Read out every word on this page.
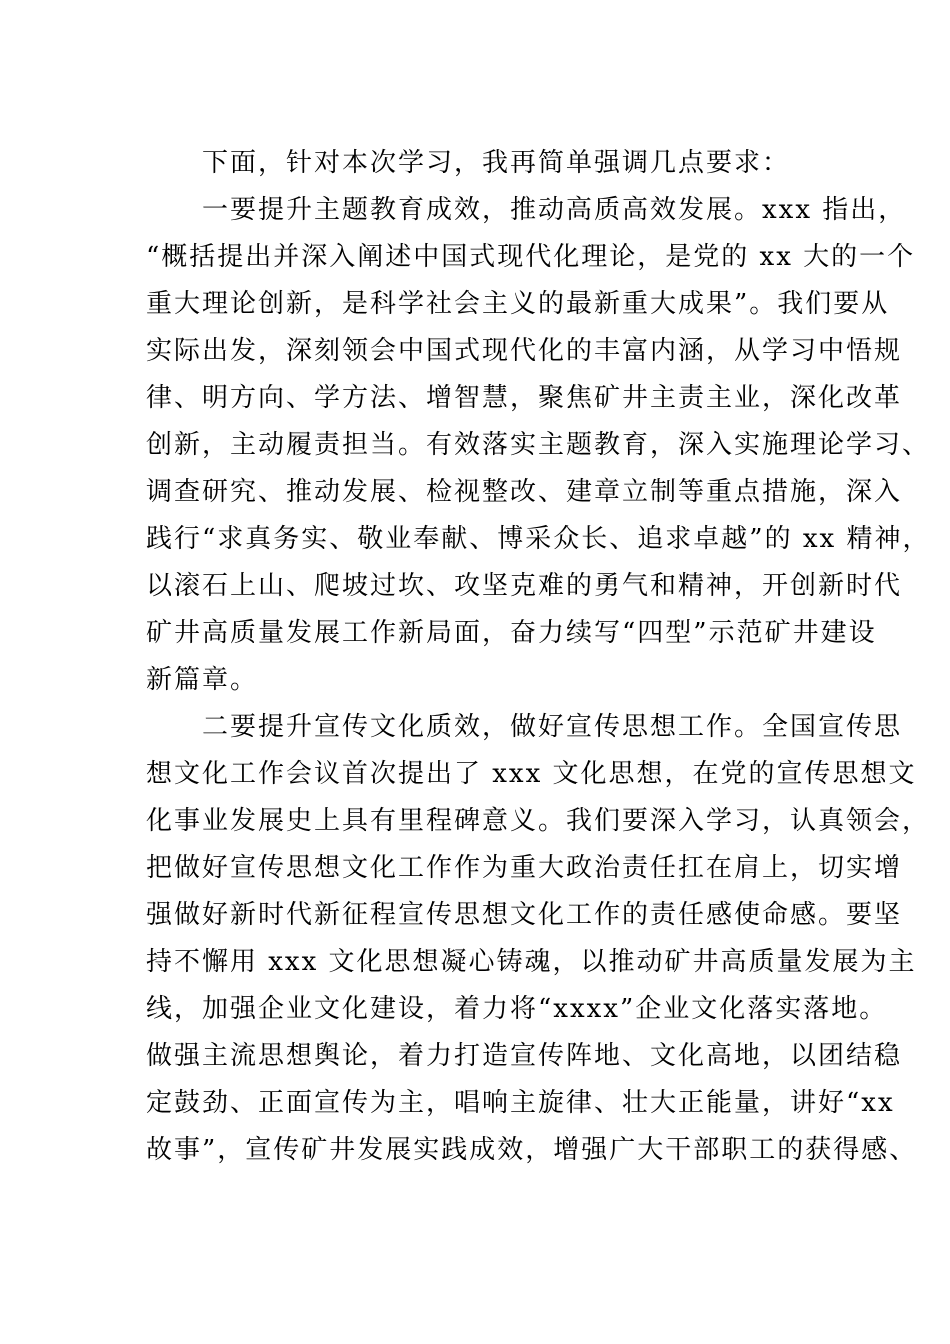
下面，针对本次学习，我再简单强调几点要求：
一要提升主题教育成效，推动高质高效发展。xxx 指出，
“概括提出并深入阐述中国式现代化理论，是党的 xx 大的一个
重大理论创新，是科学社会主义的最新重大成果”。我们要从
实际出发，深刻领会中国式现代化的丰富内涵，从学习中悟规
律、明方向、学方法、增智慧，聚焦矿井主责主业，深化改革
创新，主动履责担当。有效落实主题教育，深入实施理论学习、
调查研究、推动发展、检视整改、建章立制等重点措施，深入
践行“求真务实、敬业奉献、博采众长、追求卓越”的 xx 精神，
以滚石上山、爬坡过坎、攻坚克难的勇气和精神，开创新时代
矿井高质量发展工作新局面，奋力续写“四型”示范矿井建设
新篇章。
二要提升宣传文化质效，做好宣传思想工作。全国宣传思
想文化工作会议首次提出了 xxx 文化思想，在党的宣传思想文
化事业发展史上具有里程碑意义。我们要深入学习，认真领会，
把做好宣传思想文化工作作为重大政治责任扛在肩上，切实增
强做好新时代新征程宣传思想文化工作的责任感使命感。要坚
持不懈用 xxx 文化思想凝心铸魂，以推动矿井高质量发展为主
线，加强企业文化建设，着力将“xxxx”企业文化落实落地。
做强主流思想舆论，着力打造宣传阵地、文化高地，以团结稳
定鼓劲、正面宣传为主，唱响主旋律、壮大正能量，讲好“xx
故事”，宣传矿井发展实践成效，增强广大干部职工的获得感、
